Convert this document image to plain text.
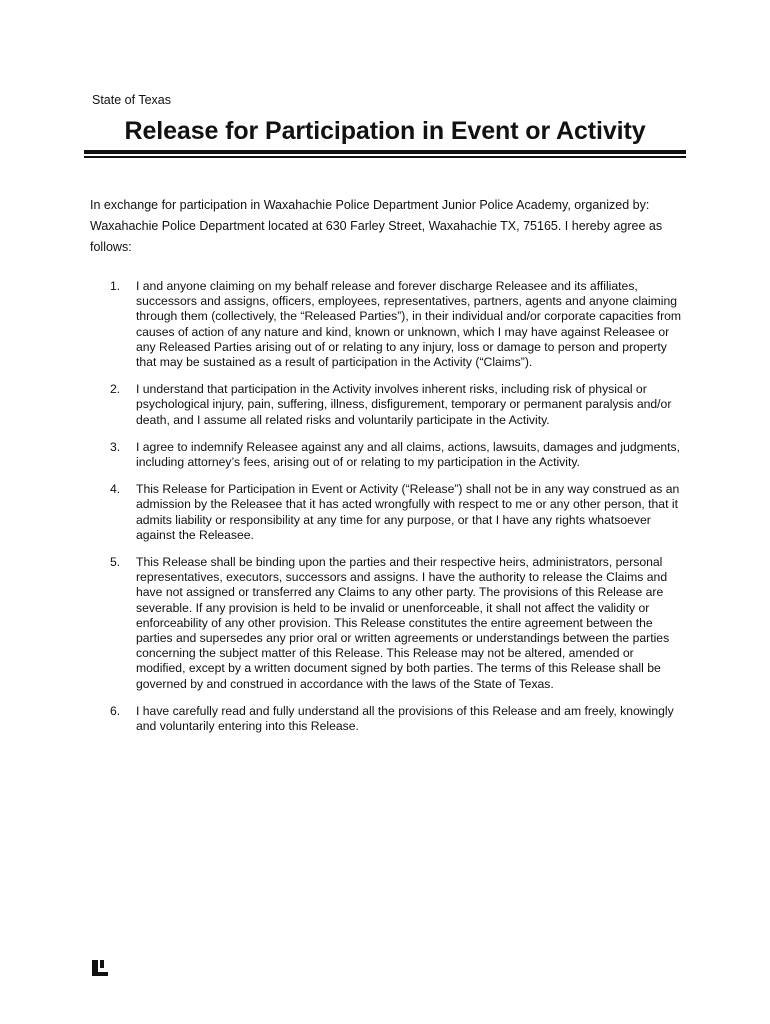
State of Texas
Release for Participation in Event or Activity
In exchange for participation in Waxahachie Police Department Junior Police Academy, organized by: Waxahachie Police Department located at 630 Farley Street, Waxahachie TX, 75165. I hereby agree as follows:
1.	I and anyone claiming on my behalf release and forever discharge Releasee and its affiliates, successors and assigns, officers, employees, representatives, partners, agents and anyone claiming through them (collectively, the “Released Parties”), in their individual and/or corporate capacities from causes of action of any nature and kind, known or unknown, which I may have against Releasee or any Released Parties arising out of or relating to any injury, loss or damage to person and property that may be sustained as a result of participation in the Activity (“Claims”).
2.	I understand that participation in the Activity involves inherent risks, including risk of physical or psychological injury, pain, suffering, illness, disfigurement, temporary or permanent paralysis and/or death, and I assume all related risks and voluntarily participate in the Activity.
3.	I agree to indemnify Releasee against any and all claims, actions, lawsuits, damages and judgments, including attorney’s fees, arising out of or relating to my participation in the Activity.
4.	This Release for Participation in Event or Activity (“Release”) shall not be in any way construed as an admission by the Releasee that it has acted wrongfully with respect to me or any other person, that it admits liability or responsibility at any time for any purpose, or that I have any rights whatsoever against the Releasee.
5.	This Release shall be binding upon the parties and their respective heirs, administrators, personal representatives, executors, successors and assigns. I have the authority to release the Claims and have not assigned or transferred any Claims to any other party. The provisions of this Release are severable. If any provision is held to be invalid or unenforceable, it shall not affect the validity or enforceability of any other provision. This Release constitutes the entire agreement between the parties and supersedes any prior oral or written agreements or understandings between the parties concerning the subject matter of this Release. This Release may not be altered, amended or modified, except by a written document signed by both parties. The terms of this Release shall be governed by and construed in accordance with the laws of the State of Texas.
6.	I have carefully read and fully understand all the provisions of this Release and am freely, knowingly and voluntarily entering into this Release.
